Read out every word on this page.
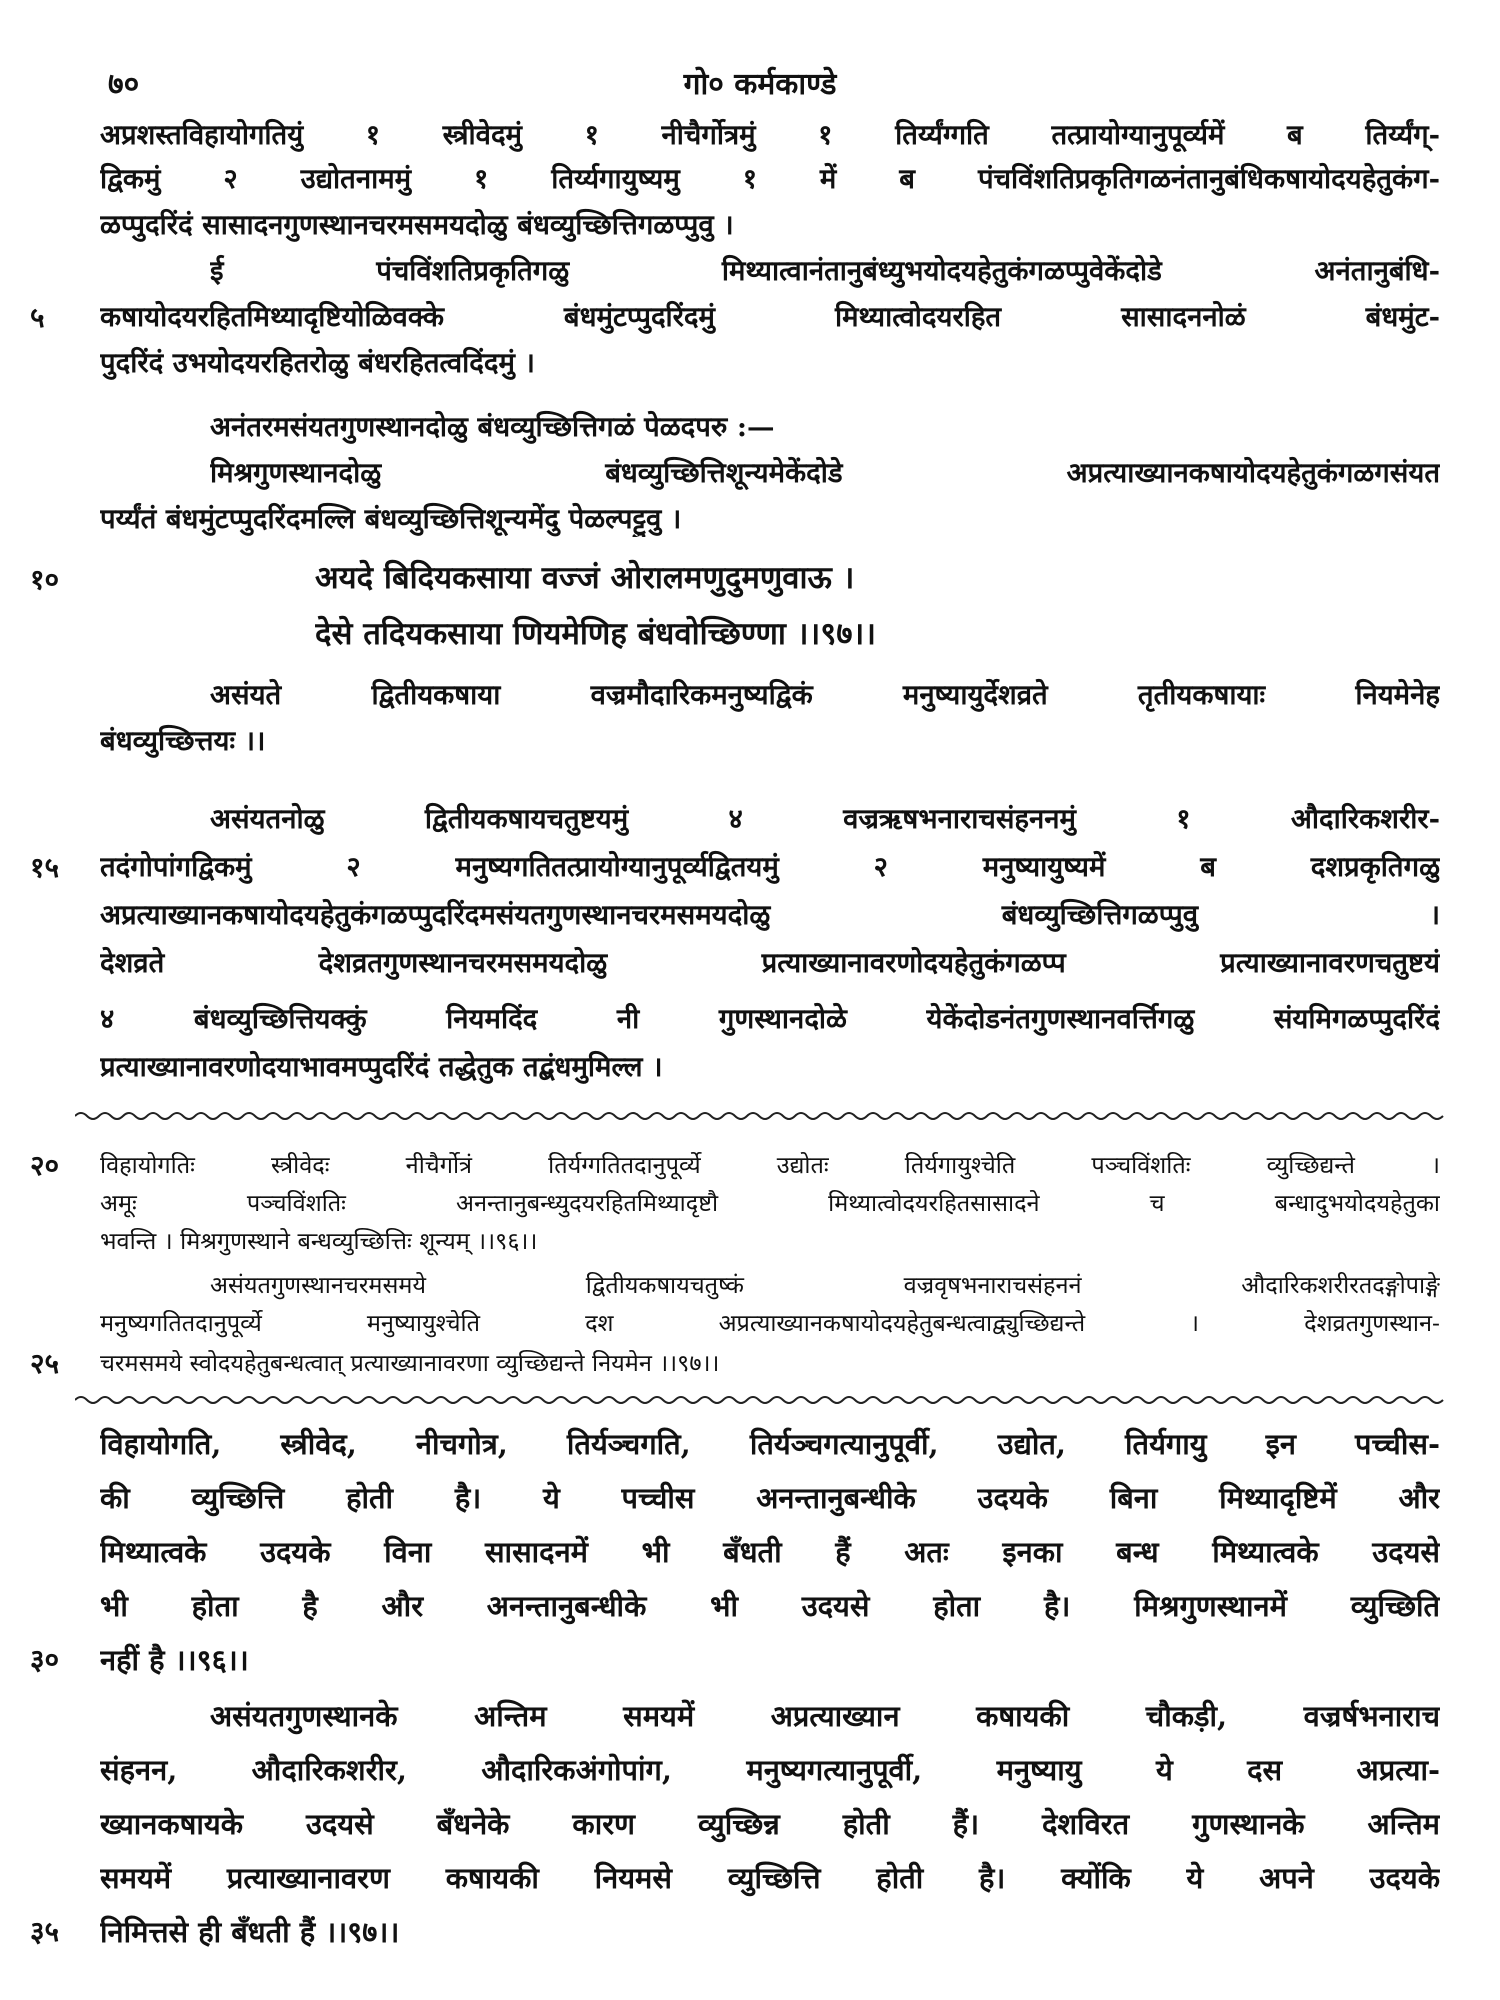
७०	गो० कर्मकाण्डे
अप्रशस्तविहायोगतियुं १ स्त्रीवेदमुं १ नीचैर्गोत्रमुं १ तिर्य्यंग्गति तत्प्रायोग्यानुपूर्व्यमें ब तिर्य्यंग्-
द्विकमुं २ उद्योतनाममुं १ तिर्य्यगायुष्यमु १ में ब पंचविंशतिप्रकृतिगळनंतानुबंधिकषायोदयहेतुकंग-
ळप्पुदरिंदं सासादनगुणस्थानचरमसमयदोळु बंधव्युच्छित्तिगळप्पुवु ।
ई पंचविंशतिप्रकृतिगळु मिथ्यात्वानंतानुबंध्युभयोदयहेतुकंगळप्पुवेकेंदोडे अनंतानुबंधि-
५ कषायोदयरहितमिथ्यादृष्टियोळिवक्के बंधमुंटप्पुदरिंदमुं मिथ्यात्वोदयरहित सासादननोळं बंधमुंट-
पुदरिंदं उभयोदयरहितरोळु बंधरहितत्वदिंदमुं ।
अनंतरमसंयतगुणस्थानदोळु बंधव्युच्छित्तिगळं पेळदपरु :—
मिश्रगुणस्थानदोळु बंधव्युच्छित्तिशून्यमेकेंदोडे अप्रत्याख्यानकषायोदयहेतुकंगळगसंयत
पर्य्यंतं बंधमुंटप्पुदरिंदमल्लि बंधव्युच्छित्तिशून्यमेंदु पेळल्पट्टुवु ।
१०	अयदे बिदियकसाया वज्जं ओरालमणुदुमणुवाऊ ।
देसे तदियकसाया णियमेणिह बंधवोच्छिण्णा ।।९७।।
असंयते द्वितीयकषाया वज्रमौदारिकमनुष्यद्विकं मनुष्यायुर्देशव्रते तृतीयकषायाः नियमेनेह
बंधव्युच्छित्तयः ।।
असंयतनोळु द्वितीयकषायचतुष्टयमुं ४ वज्रऋषभनाराचसंहननमुं १ औदारिकशरीर-
१५ तदंगोपांगद्विकमुं २ मनुष्यगतितत्प्रायोग्यानुपूर्व्यद्वितयमुं २ मनुष्यायुष्यमें ब दशप्रकृतिगळु
अप्रत्याख्यानकषायोदयहेतुकंगळप्पुदरिंदमसंयतगुणस्थानचरमसमयदोळु बंधव्युच्छित्तिगळप्पुवु ।
देशव्रते देशव्रतगुणस्थानचरमसमयदोळु प्रत्याख्यानावरणोदयहेतुकंगळप्प प्रत्याख्यानावरणचतुष्टयं
४ बंधव्युच्छित्तियक्कुं नियमदिंद नी गुणस्थानदोळे येकेंदोडनंतगुणस्थानवर्त्तिगळु संयमिगळप्पुदरिंदं
प्रत्याख्यानावरणोदयाभावमप्पुदरिंदं तद्धेतुक तद्बंधमुमिल्ल ।
२० विहायोगतिः स्त्रीवेदः नीचैर्गोत्रं तिर्यग्गतितदानुपूर्व्ये उद्योतः तिर्यगायुश्चेति पञ्चविंशतिः व्युच्छिद्यन्ते ।
अमूः पञ्चविंशतिः अनन्तानुबन्ध्युदयरहितमिथ्यादृष्टौ मिथ्यात्वोदयरहितसासादने च बन्धादुभयोदयहेतुका
भवन्ति । मिश्रगुणस्थाने बन्धव्युच्छित्तिः शून्यम् ।।९६।।
असंयतगुणस्थानचरमसमये द्वितीयकषायचतुष्कं वज्रवृषभनाराचसंहननं औदारिकशरीरतदङ्गोपाङ्गे
मनुष्यगतितदानुपूर्व्ये मनुष्यायुश्चेति दश अप्रत्याख्यानकषायोदयहेतुबन्धत्वाद्व्युच्छिद्यन्ते । देशव्रतगुणस्थान-
२५ चरमसमये स्वोदयहेतुबन्धत्वात् प्रत्याख्यानावरणा व्युच्छिद्यन्ते नियमेन ।।९७।।
विहायोगति, स्त्रीवेद, नीचगोत्र, तिर्यञ्चगति, तिर्यञ्चगत्यानुपूर्वी, उद्योत, तिर्यगायु इन पच्चीस-
की व्युच्छित्ति होती है। ये पच्चीस अनन्तानुबन्धीके उदयके बिना मिथ्यादृष्टिमें और
मिथ्यात्वके उदयके विना सासादनमें भी बँधती हैं अतः इनका बन्ध मिथ्यात्वके उदयसे
भी होता है और अनन्तानुबन्धीके भी उदयसे होता है। मिश्रगुणस्थानमें व्युच्छिति
३० नहीं है ।।९६।।
असंयतगुणस्थानके अन्तिम समयमें अप्रत्याख्यान कषायकी चौकड़ी, वज्रर्षभनाराच
संहनन, औदारिकशरीर, औदारिकअंगोपांग, मनुष्यगत्यानुपूर्वी, मनुष्यायु ये दस अप्रत्या-
ख्यानकषायके उदयसे बँधनेके कारण व्युच्छिन्न होती हैं। देशविरत गुणस्थानके अन्तिम
समयमें प्रत्याख्यानावरण कषायकी नियमसे व्युच्छित्ति होती है। क्योंकि ये अपने उदयके
३५ निमित्तसे ही बँधती हैं ।।९७।।
